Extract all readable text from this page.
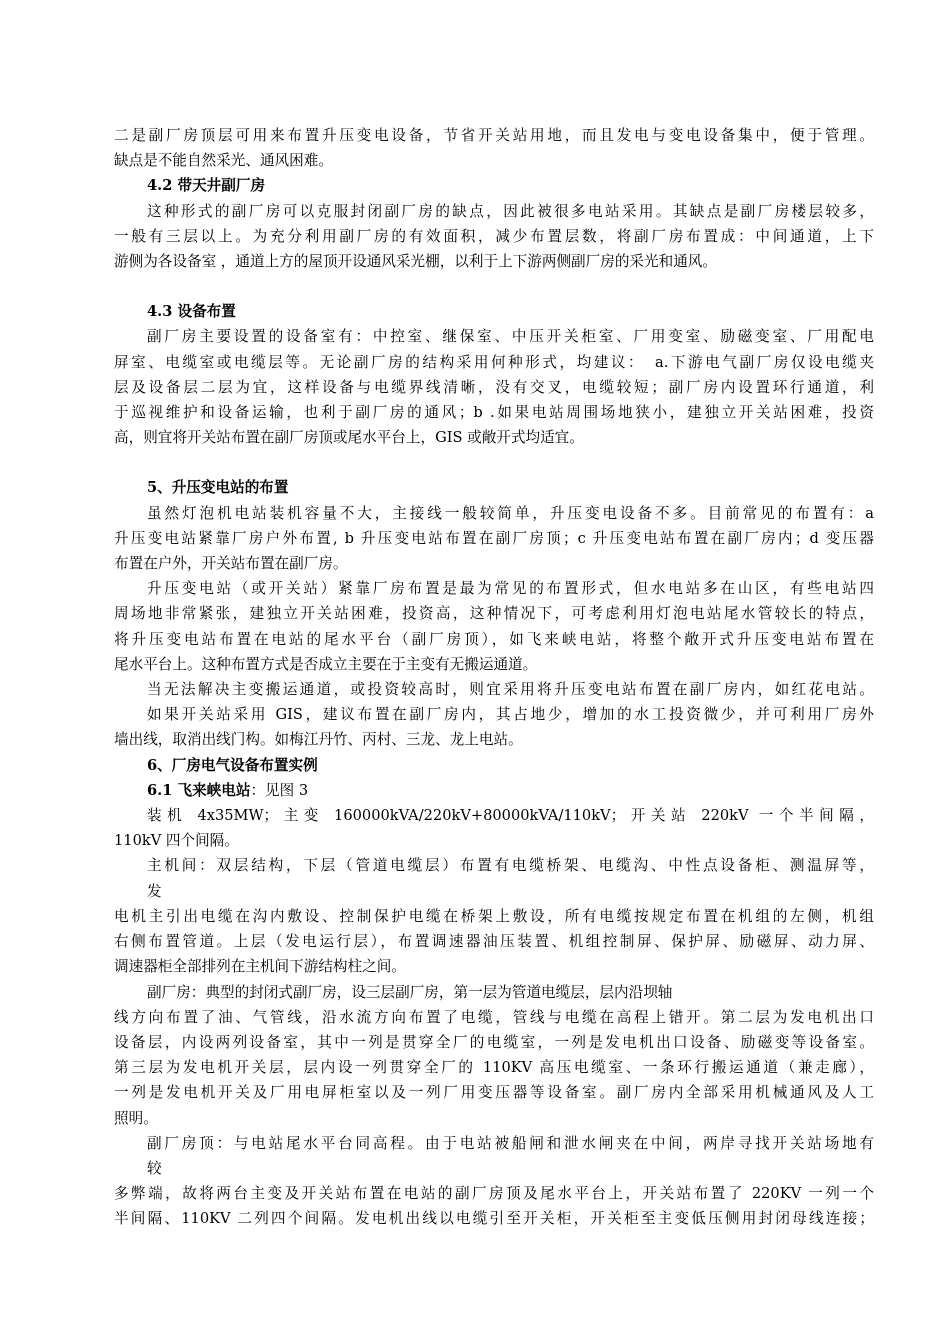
二是副厂房顶层可用来布置升压变电设备，节省开关站用地，而且发电与变电设备集中，便于管理。
缺点是不能自然采光、通风困难。
4.2 带天井副厂房
这种形式的副厂房可以克服封闭副厂房的缺点，因此被很多电站采用。其缺点是副厂房楼层较多，
一般有三层以上。为充分利用副厂房的有效面积，减少布置层数，将副厂房布置成：中间通道，上下
游侧为各设备室 ，通道上方的屋顶开设通风采光棚，以利于上下游两侧副厂房的采光和通风。
4.3 设备布置
副厂房主要设置的设备室有：中控室、继保室、中压开关柜室、厂用变室、励磁变室、厂用配电
屏室、电缆室或电缆层等。无论副厂房的结构采用何种形式，均建议：　a.下游电气副厂房仅设电缆夹
层及设备层二层为宜，这样设备与电缆界线清晰，没有交叉，电缆较短；副厂房内设置环行通道，利
于巡视维护和设备运输，也利于副厂房的通风；b .如果电站周围场地狭小，建独立开关站困难，投资
高，则宜将开关站布置在副厂房顶或尾水平台上，GIS 或敞开式均适宜。
5、升压变电站的布置
虽然灯泡机电站装机容量不大，主接线一般较简单，升压变电设备不多。目前常见的布置有：a
升压变电站紧靠厂房户外布置, b 升压变电站布置在副厂房顶；c 升压变电站布置在副厂房内；d 变压器
布置在户外，开关站布置在副厂房。
升压变电站（或开关站）紧靠厂房布置是最为常见的布置形式，但水电站多在山区，有些电站四
周场地非常紧张，建独立开关站困难，投资高，这种情况下，可考虑利用灯泡电站尾水管较长的特点，
将升压变电站布置在电站的尾水平台（副厂房顶），如飞来峡电站，将整个敞开式升压变电站布置在
尾水平台上。这种布置方式是否成立主要在于主变有无搬运通道。
当无法解决主变搬运通道，或投资较高时，则宜采用将升压变电站布置在副厂房内，如红花电站。
如果开关站采用 GIS，建议布置在副厂房内，其占地少，增加的水工投资微少，并可利用厂房外
墙出线，取消出线门构。如梅江丹竹、丙村、三龙、龙上电站。
6、厂房电气设备布置实例
6.1 飞来峡电站：见图 3
装机 4x35MW；主变 160000kVA/220kV+80000kVA/110kV；开关站 220kV 一个半间隔，
110kV 四个间隔。
主机间：双层结构，下层（管道电缆层）布置有电缆桥架、电缆沟、中性点设备柜、测温屏等，
发
电机主引出电缆在沟内敷设、控制保护电缆在桥架上敷设，所有电缆按规定布置在机组的左侧，机组
右侧布置管道。上层（发电运行层），布置调速器油压装置、机组控制屏、保护屏、励磁屏、动力屏、
调速器柜全部排列在主机间下游结构柱之间。
副厂房：典型的封闭式副厂房，设三层副厂房，第一层为管道电缆层，层内沿坝轴
线方向布置了油、气管线，沿水流方向布置了电缆，管线与电缆在高程上错开。第二层为发电机出口
设备层，内设两列设备室，其中一列是贯穿全厂的电缆室，一列是发电机出口设备、励磁变等设备室。
第三层为发电机开关层，层内设一列贯穿全厂的 110KV 高压电缆室、一条环行搬运通道（兼走廊），
一列是发电机开关及厂用电屏柜室以及一列厂用变压器等设备室。副厂房内全部采用机械通风及人工
照明。
副厂房顶：与电站尾水平台同高程。由于电站被船闸和泄水闸夹在中间，两岸寻找开关站场地有
较
多弊端，故将两台主变及开关站布置在电站的副厂房顶及尾水平台上，开关站布置了 220KV 一列一个
半间隔、110KV 二列四个间隔。发电机出线以电缆引至开关柜，开关柜至主变低压侧用封闭母线连接；
